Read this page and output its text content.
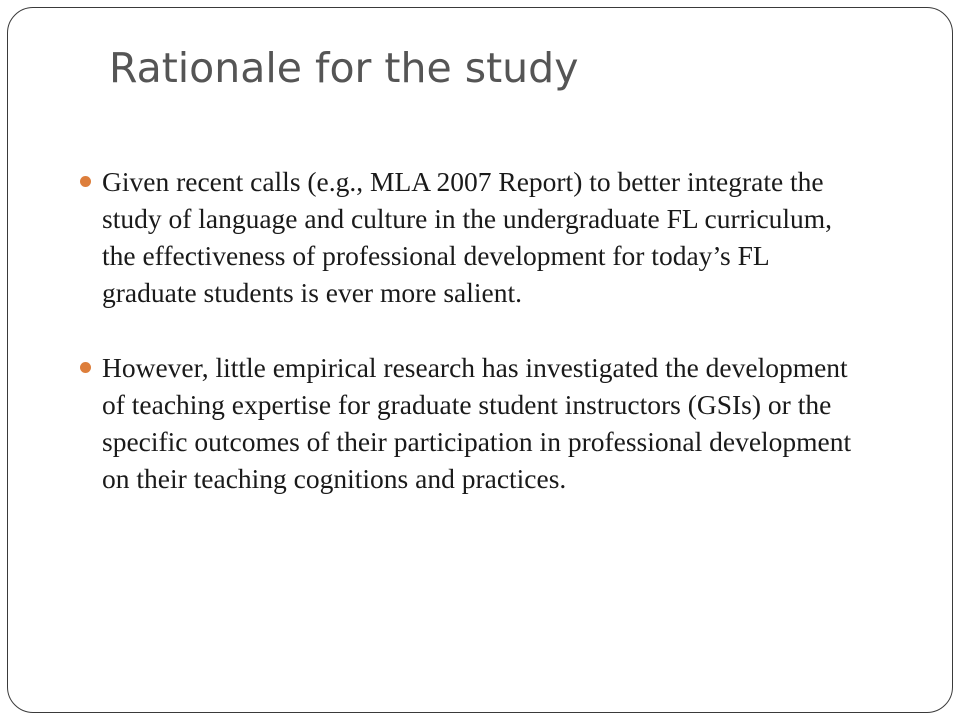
Rationale for the study
Given recent calls (e.g., MLA 2007 Report) to better integrate the study of language and culture in the undergraduate FL curriculum, the effectiveness of professional development for today’s FL graduate students is ever more salient.
However, little empirical research has investigated the development of teaching expertise for graduate student instructors (GSIs) or the specific outcomes of their participation in professional development on their teaching cognitions and practices.
